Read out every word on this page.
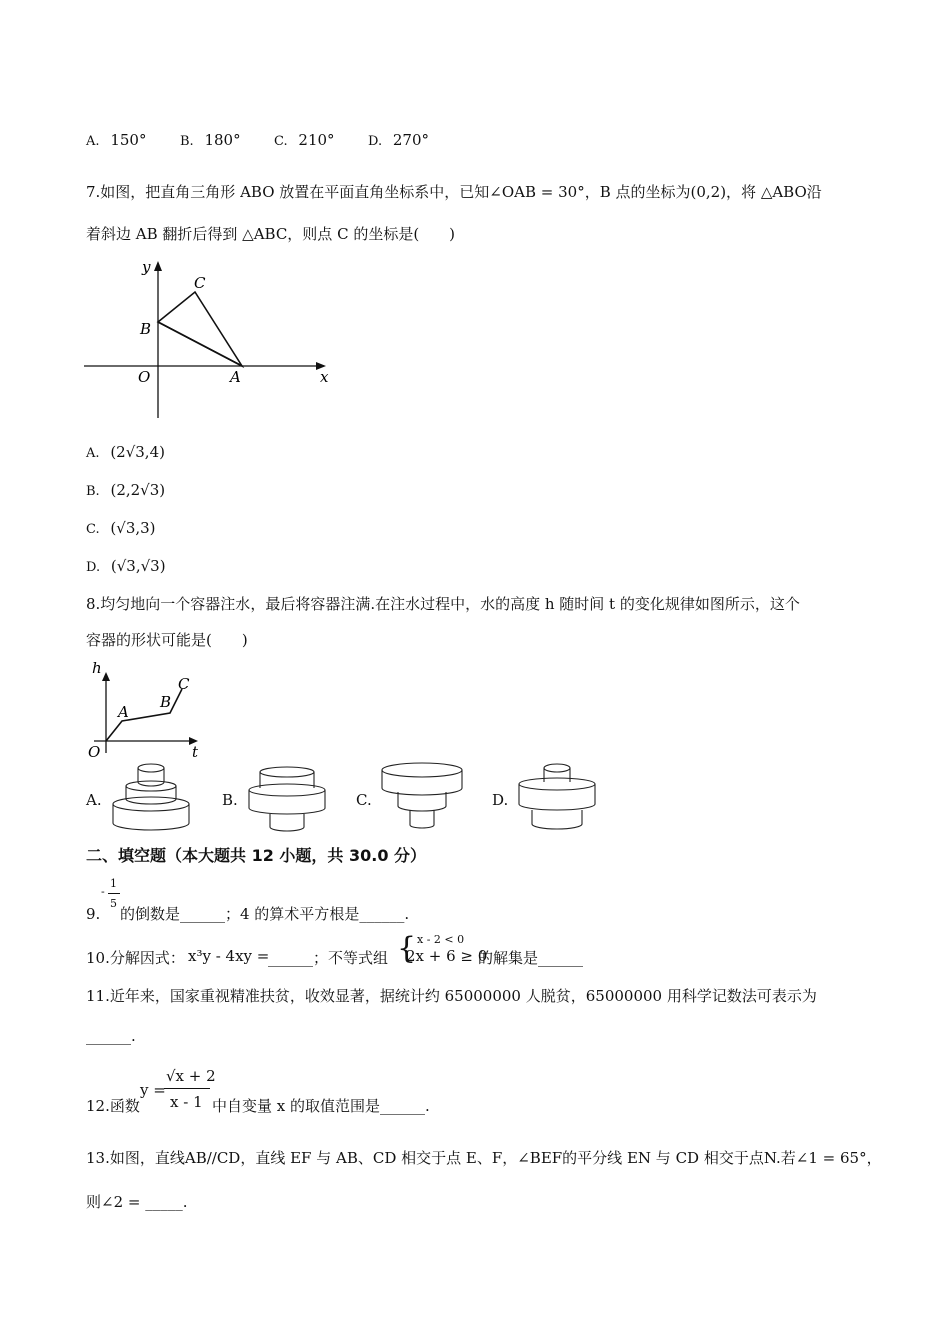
A. 150°	B. 180°	C. 210°	D. 270°
7.如图，把直角三角形 ABO 放置在平面直角坐标系中，已知∠OAB = 30°，B 点的坐标为(0,2)，将 △ABO沿
着斜边 AB 翻折后得到 △ABC，则点 C 的坐标是(　　)
y
C
B
O	A	x
A. (2√3,4)
B. (2,2√3)
C. (√3,3)
D. (√3,√3)
8.均匀地向一个容器注水，最后将容器注满.在注水过程中，水的高度 h 随时间 t 的变化规律如图所示，这个
容器的形状可能是(　　)
h
A
B
C
O	t
A.	B.	C.	D.
二、填空题（本大题共 12 小题，共 30.0 分）
9.
-
1
5
的倒数是______；4 的算术平方根是______.
10.分解因式： x³y - 4xy =
______；不等式组 { x - 2 < 0
2x + 6 ≥ 0
的解集是______
11.近年来，国家重视精准扶贫，收效显著，据统计约 65000000 人脱贫，65000000 用科学记数法可表示为
______.
12.函数
y =
√x + 2
x - 1 中自变量 x 的取值范围是______.
13.如图，直线AB//CD，直线 EF 与 AB、CD 相交于点 E、F，∠BEF的平分线 EN 与 CD 相交于点N.若∠1 = 65°，
则∠2 = _____.
